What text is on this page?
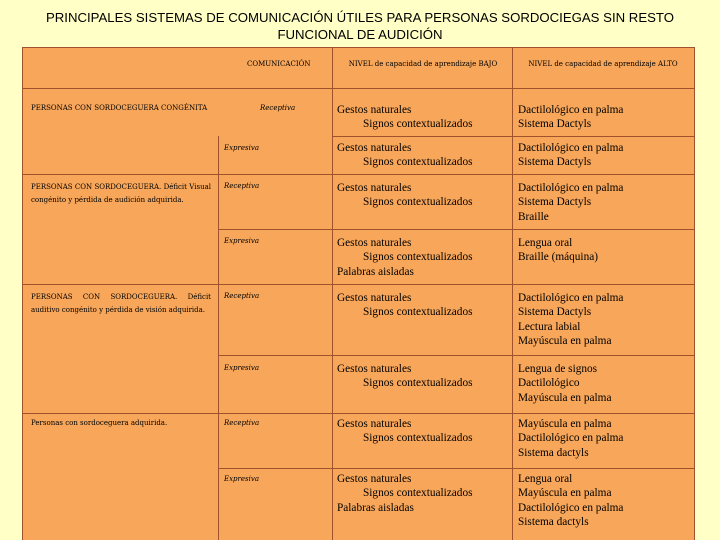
PRINCIPALES SISTEMAS DE COMUNICACIÓN ÚTILES PARA PERSONAS SORDOCIEGAS SIN RESTO FUNCIONAL DE AUDICIÓN
COMUNICACIÓN	NIVEL de capacidad de aprendizaje BAJO	NIVEL de capacidad de aprendizaje ALTO
PERSONAS CON SORDOCEGUERA CONGÉNITA
PERSONAS CON SORDOCEGUERA. Déficit Visual congénito y pérdida de audición adquirida.
PERSONAS CON SORDOCEGUERA. Déficit auditivo congénito y pérdida de visión adquirida.
Personas con sordoceguera adquirida.
Receptiva
Expresiva
Receptiva
Expresiva
Receptiva
Expresiva
Receptiva
Expresiva
Gestos naturales
Signos contextualizados
Dactilológico en palma
Sistema Dactyls
Gestos naturales
Signos contextualizados
Dactilológico en palma
Sistema Dactyls
Gestos naturales
Signos contextualizados
Dactilológico en palma
Sistema Dactyls
Braille
Gestos naturales
Signos contextualizados
Palabras aisladas
Lengua oral
Braille (máquina)
Gestos naturales
Signos contextualizados
Dactilológico en palma
Sistema Dactyls
Lectura labial
Mayúscula en palma
Gestos naturales
Signos contextualizados
Lengua de signos
Dactilológico
Mayúscula en palma
Gestos naturales
Signos contextualizados
Mayúscula en palma
Dactilológico en palma
Sistema dactyls
Gestos naturales
Signos contextualizados
Palabras aisladas
Lengua oral
Mayúscula en palma
Dactilológico en palma
Sistema dactyls
